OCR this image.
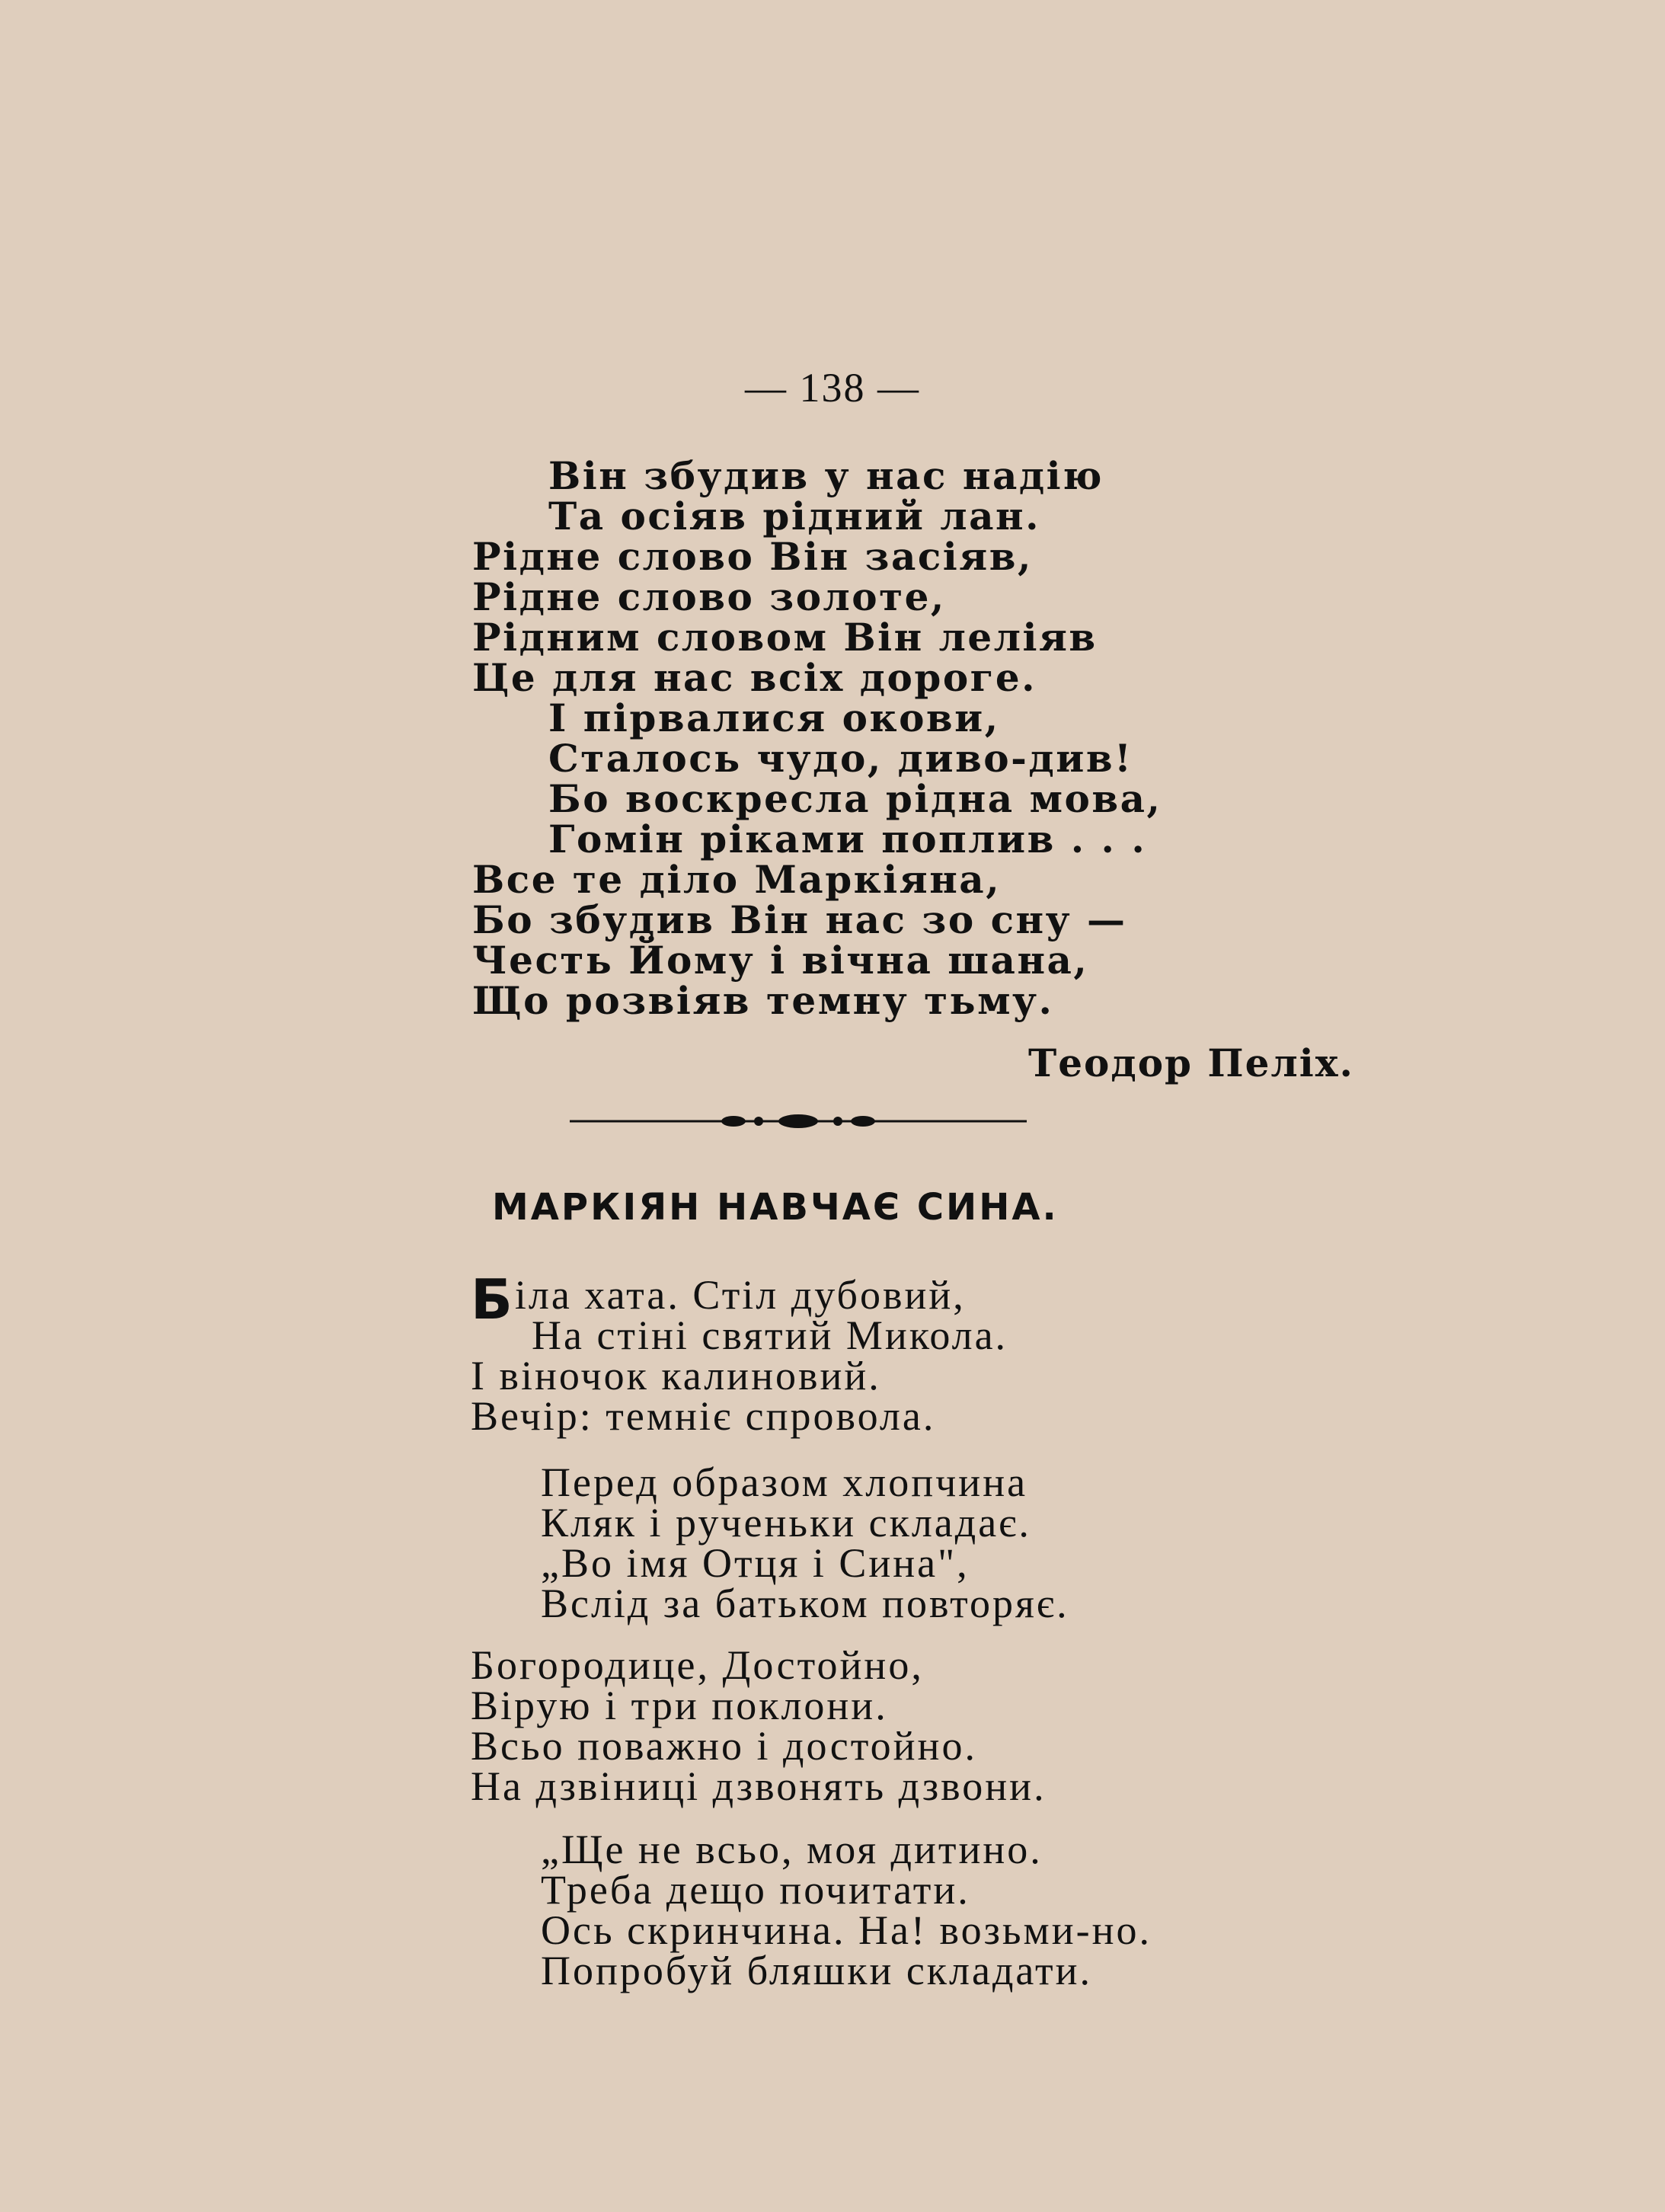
— 138 —
Він збудив у нас надію
Та осіяв рідний лан.
Рідне слово Він засіяв,
Рідне слово золоте,
Рідним словом Він леліяв
Це для нас всіх дороге.
І пірвалися окови,
Сталось чудо, диво-див!
Бо воскресла рідна мова,
Гомін ріками поплив . . .
Все те діло Маркіяна,
Бо збудив Він нас зо сну —
Честь Йому і вічна шана,
Що розвіяв темну тьму.
Теодор Пеліх.
МАРКІЯН НАВЧАЄ СИНА.
Біла хата. Стіл дубовий,
На стіні святий Микола.
І віночок калиновий.
Вечір: темніє спровола.
Перед образом хлопчина
Кляк і рученьки складає.
„Во імя Отця і Сина",
Вслід за батьком повторяє.
Богородице, Достойно,
Вірую і три поклони.
Всьо поважно і достойно.
На дзвіниці дзвонять дзвони.
„Ще не всьо, моя дитино.
Треба дещо почитати.
Ось скринчина. На! возьми-но.
Попробуй бляшки складати.
